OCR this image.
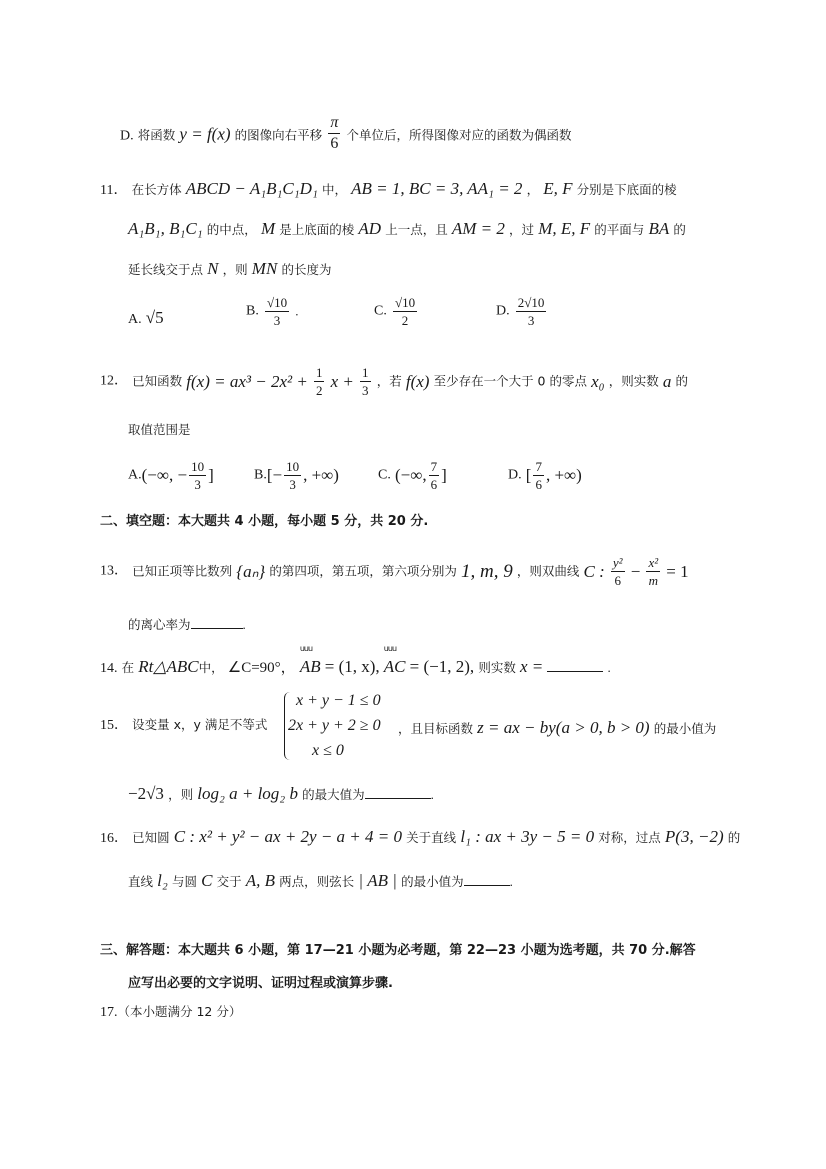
D. 将函数 y = f(x) 的图像向右平移 $\frac{\pi}{6}$ 个单位后，所得图像对应的函数为偶函数
11． 在长方体 ABCD − A₁B₁C₁D₁ 中， AB = 1, BC = 3, AA₁ = 2 ， E, F 分别是下底面的棱
A₁B₁, B₁C₁ 的中点， M 是上底面的棱 AD 上一点，且 AM = 2 ，过 M, E, F 的平面与 BA 的
延长线交于点 N ，则 MN 的长度为
A. √5	B. $\frac{√10}{3}$ .	C. $\frac{√10}{2}$	D. $\frac{2√10}{3}$
12． 已知函数 $f(x) = ax^3 - 2x^2 + \frac{1}{2}$ $x + \frac{1}{3}$ ，若 f(x) 至少存在一个大于 0 的零点 x₀ ，则实数 a 的
取值范围是
A.(−∞, − $\frac{10}{3}$ ]	$B.[- \frac{10}{3}$ , +∞)	C. (−∞, $\frac{7}{6}$ ]	D. [ $\frac{7}{6}$ , +∞)
二、填空题：本大题共 4 小题，每小题 5 分，共 20 分.
13． 已知正项等比数列 {aₙ} 的第四项，第五项，第六项分别为 1, m, 9 ，则双曲线 C : $\frac{\text{y²}}{6} - \frac{\text{x²}}{m} = 1$
的离心率为	.
14. 在 Rt△ABC中， ∠C=90°，
uuu
AB = (1, x),
uuu
AC = (−1, 2), 则实数 x =	.
15． 设变量 x，y 满足不等式
x + y − 1 ≤ 0
2x + y + 2 ≥ 0
x ≤ 0
，且目标函数 z = ax − by(a > 0, b > 0) 的最小值为
−2√3 ，则 log₂ a + log₂ b 的最大值为	.
16． 已知圆 C : x² + y² − ax + 2y − a + 4 = 0 关于直线 l₁ : ax + 3y − 5 = 0 对称，过点 P(3, −2) 的
直线 l₂ 与圆 C 交于 A, B 两点，则弦长 | AB | 的最小值为	.
三、解答题：本大题共 6 小题，第 17—21 小题为必考题，第 22—23 小题为选考题，共 70 分.解答
应写出必要的文字说明、证明过程或演算步骤.
17.（本小题满分 12 分）
